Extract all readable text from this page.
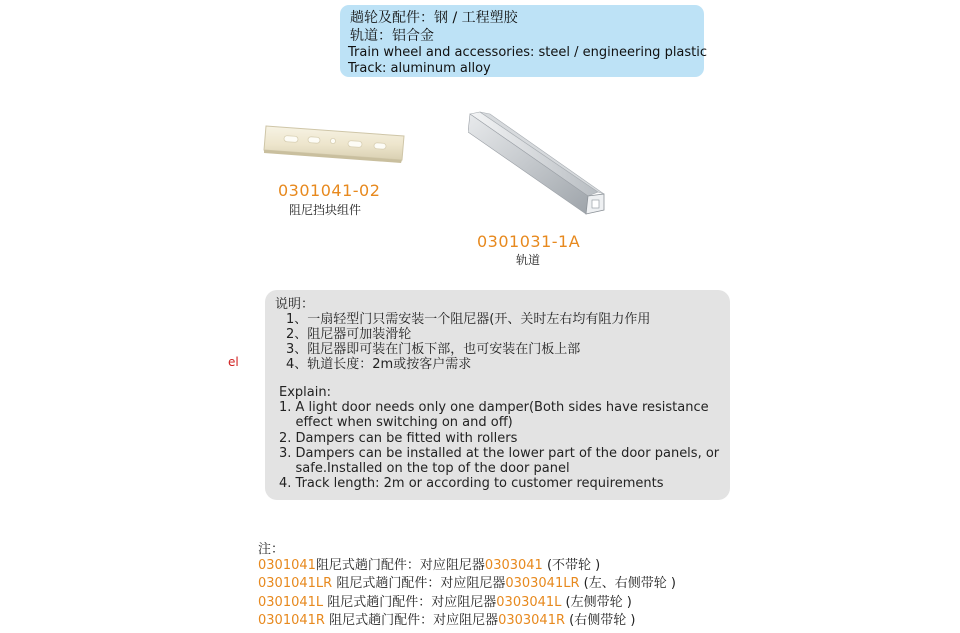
趟轮及配件：钢 / 工程塑胶
轨道：铝合金
Train wheel and accessories: steel / engineering plastic
Track: aluminum alloy
0301041-02
阻尼挡块组件
0301031-1A
轨道
el
说明：
1、一扇轻型门只需安装一个阻尼器(开、关时左右均有阻力作用
2、阻尼器可加装滑轮
3、阻尼器即可装在门板下部，也可安装在门板上部
4、轨道长度：2m或按客户需求
Explain:
1. A light door needs only one damper(Both sides have resistance
effect when switching on and off)
2. Dampers can be fitted with rollers
3. Dampers can be installed at the lower part of the door panels, or
safe.Installed on the top of the door panel
4. Track length: 2m or according to customer requirements
注：
0301041阻尼式趟门配件：对应阻尼器0303041 (不带轮 )
0301041LR 阻尼式趟门配件：对应阻尼器0303041LR (左、右侧带轮 )
0301041L 阻尼式趟门配件：对应阻尼器0303041L (左侧带轮 )
0301041R 阻尼式趟门配件：对应阻尼器0303041R (右侧带轮 )
